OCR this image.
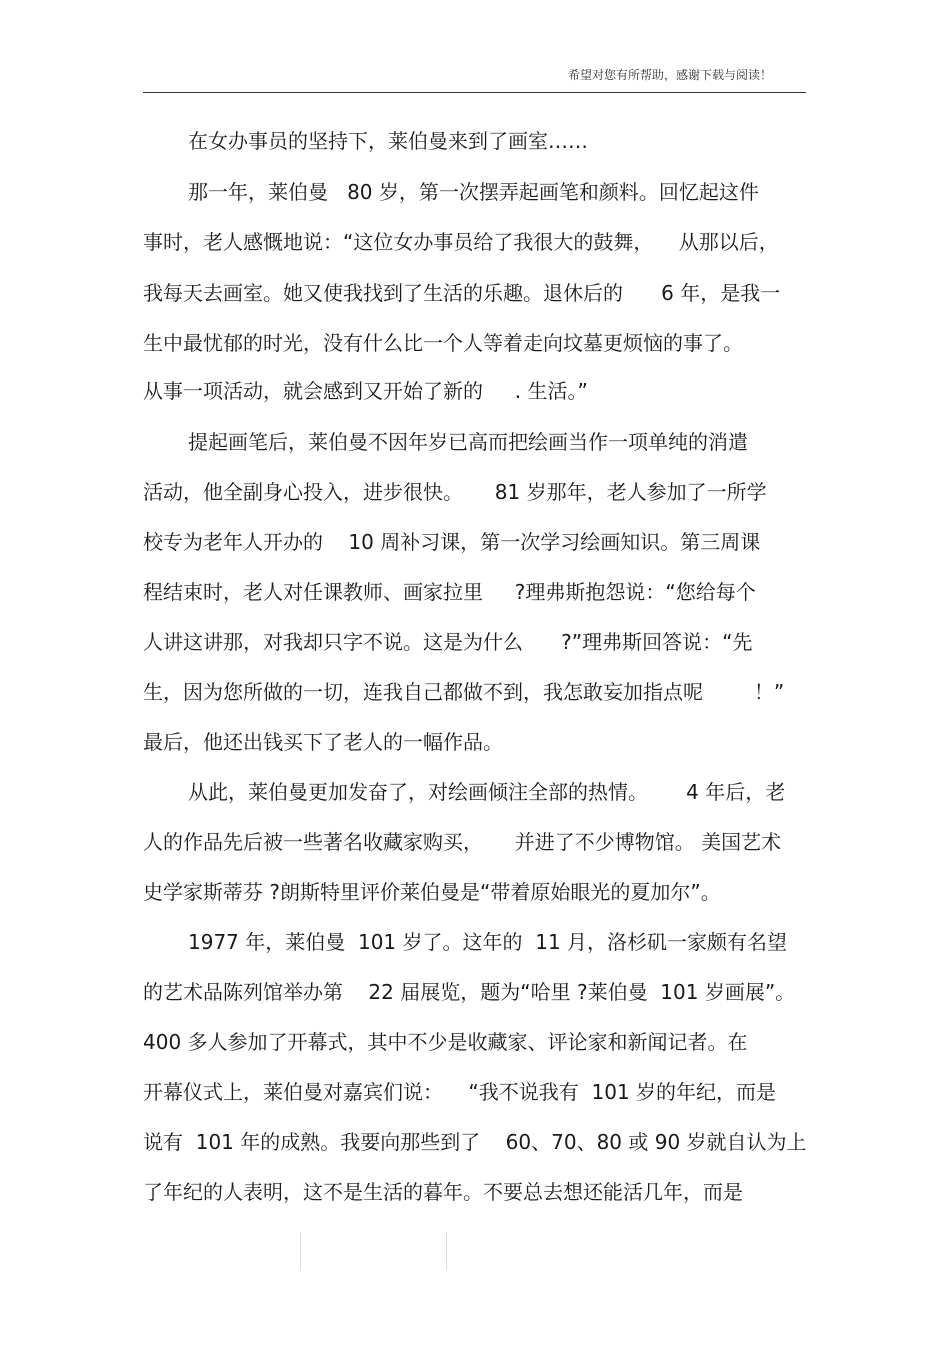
希望对您有所帮助，感谢下载与阅读！
在女办事员的坚持下，莱伯曼来到了画室……
那一年，莱伯曼   80 岁，第一次摆弄起画笔和颜料。回忆起这件
事时，老人感慨地说：“这位女办事员给了我很大的鼓舞，    从那以后，
我每天去画室。她又使我找到了生活的乐趣。退休后的      6 年，是我一
生中最忧郁的时光，没有什么比一个人等着走向坟墓更烦恼的事了。
从事一项活动，就会感到又开始了新的     . 生活。”
提起画笔后，莱伯曼不因年岁已高而把绘画当作一项单纯的消遣
活动，他全副身心投入，进步很快。     81 岁那年，老人参加了一所学
校专为老年人开办的    10 周补习课，第一次学习绘画知识。第三周课
程结束时，老人对任课教师、画家拉里     ?理弗斯抱怨说：“您给每个
人讲这讲那，对我却只字不说。这是为什么      ?”理弗斯回答说：“先
生，因为您所做的一切，连我自己都做不到，我怎敢妄加指点呢        ！”
最后，他还出钱买下了老人的一幅作品。
从此，莱伯曼更加发奋了，对绘画倾注全部的热情。      4 年后，老
人的作品先后被一些著名收藏家购买，     并进了不少博物馆。 美国艺术
史学家斯蒂芬 ?朗斯特里评价莱伯曼是“带着原始眼光的夏加尔”。
1977 年，莱伯曼  101 岁了。这年的  11 月，洛杉矶一家颇有名望
的艺术品陈列馆举办第    22 届展览，题为“哈里 ?莱伯曼  101 岁画展”。
400 多人参加了开幕式，其中不少是收藏家、评论家和新闻记者。在
开幕仪式上，莱伯曼对嘉宾们说：    “我不说我有  101 岁的年纪，而是
说有  101 年的成熟。我要向那些到了    60、70、80 或 90 岁就自认为上
了年纪的人表明，这不是生活的暮年。不要总去想还能活几年，而是
